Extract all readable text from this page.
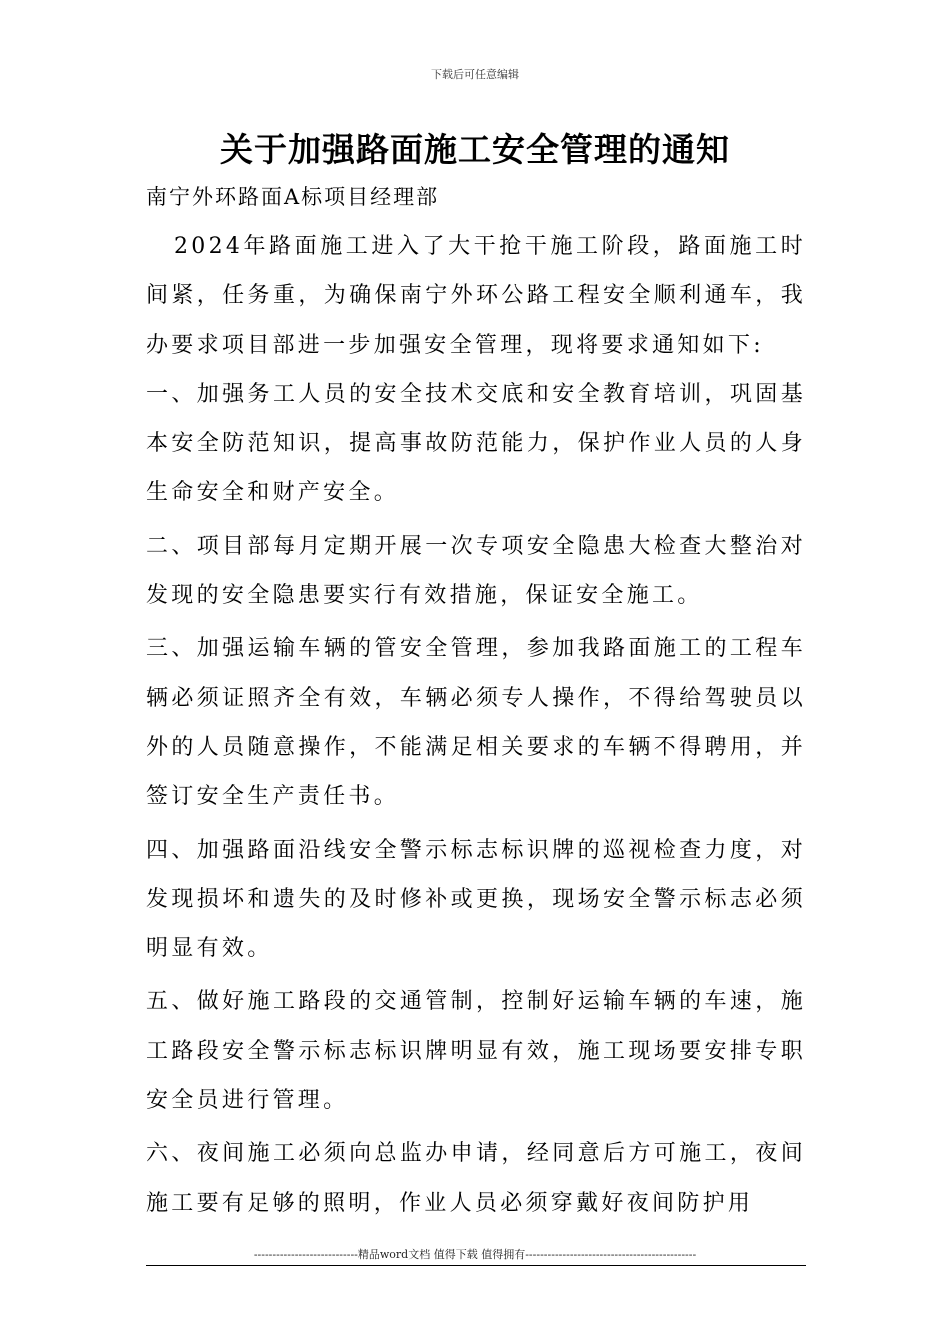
下载后可任意编辑
关于加强路面施工安全管理的通知
南宁外环路面A标项目经理部

2024年路面施工进入了大干抢干施工阶段，路面施工时间紧，任务重，为确保南宁外环公路工程安全顺利通车，我办要求项目部进一步加强安全管理，现将要求通知如下:

一、加强务工人员的安全技术交底和安全教育培训，巩固基本安全防范知识，提高事故防范能力，保护作业人员的人身生命安全和财产安全。

二、项目部每月定期开展一次专项安全隐患大检查大整治对发现的安全隐患要实行有效措施，保证安全施工。

三、加强运输车辆的管安全管理，参加我路面施工的工程车辆必须证照齐全有效，车辆必须专人操作，不得给驾驶员以外的人员随意操作，不能满足相关要求的车辆不得聘用，并签订安全生产责任书。

四、加强路面沿线安全警示标志标识牌的巡视检查力度，对发现损坏和遗失的及时修补或更换，现场安全警示标志必须明显有效。

五、做好施工路段的交通管制，控制好运输车辆的车速，施工路段安全警示标志标识牌明显有效，施工现场要安排专职安全员进行管理。

六、夜间施工必须向总监办申请，经同意后方可施工，夜间施工要有足够的照明，作业人员必须穿戴好夜间防护用

----------------------------精品word文档 值得下载 值得拥有----------------------------------------------
